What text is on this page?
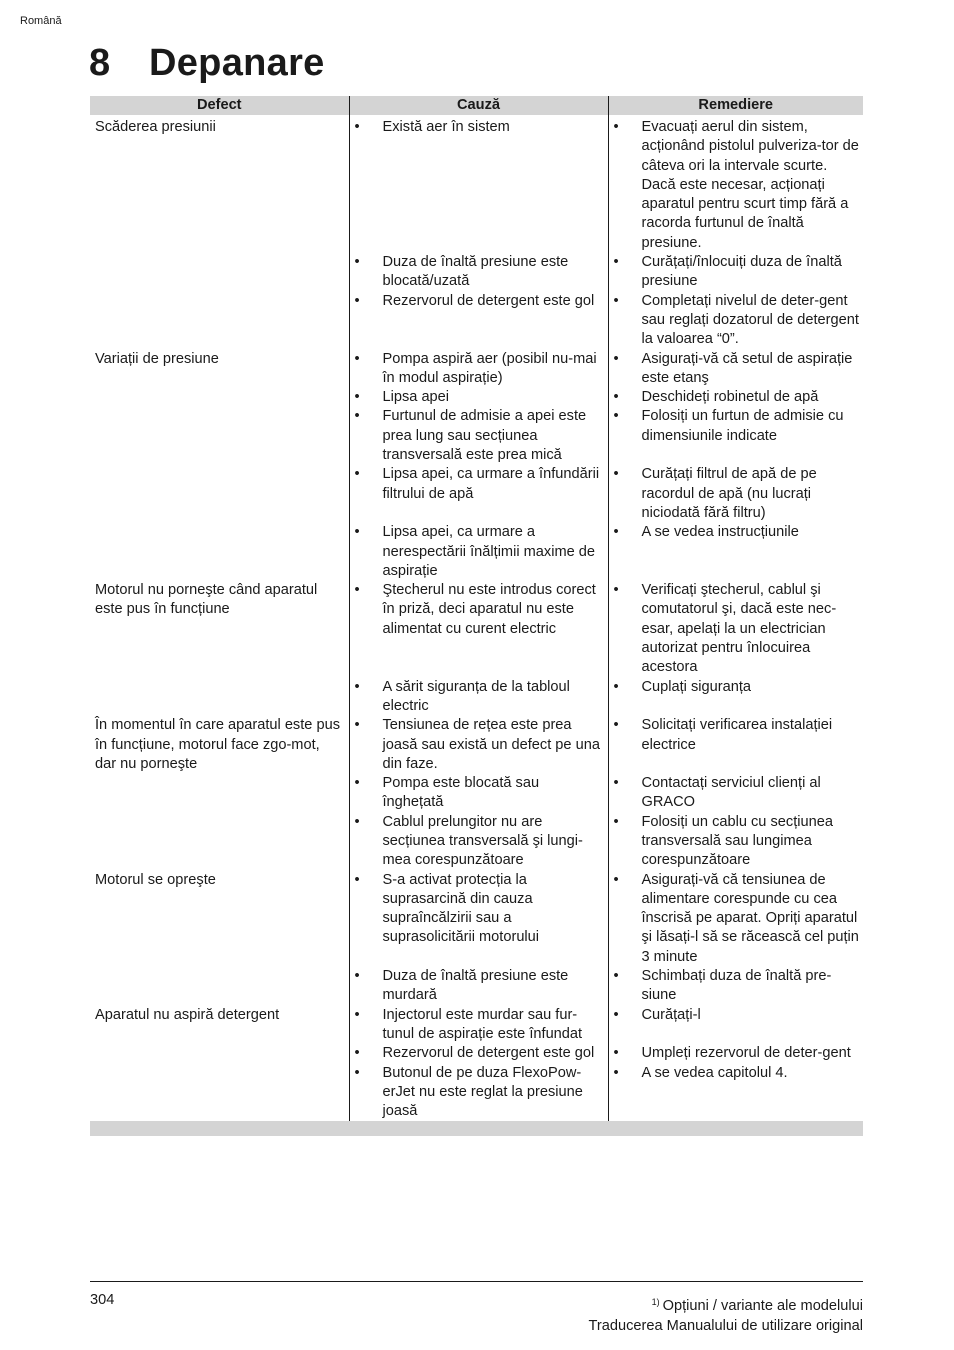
Română
8 Depanare
Defect	Cauză	Remediere
Scăderea presiunii	• Există aer în sistem	• Evacuați aerul din sistem, acționând pistolul pulveriza-tor de câteva ori la intervale scurte. Dacă este necesar, acționați aparatul pentru scurt timp fără a racorda furtunul de înaltă presiune.

	• Duza de înaltă presiune este blocată/uzată	• Curățați/înlocuiți duza de înaltă presiune

	• Rezervorul de detergent este gol	• Completați nivelul de deter-gent sau reglați dozatorul de detergent la valoarea “0”.

Variații de presiune	• Pompa aspiră aer (posibil nu-mai în modul aspirație)	• Asigurați-vă că setul de aspirație este etanş

	• Lipsa apei	• Deschideți robinetul de apă

	• Furtunul de admisie a apei este prea lung sau secțiunea transversală este prea mică	• Folosiți un furtun de admisie cu dimensiunile indicate

	• Lipsa apei, ca urmare a înfundării filtrului de apă	• Curățați filtrul de apă de pe racordul de apă (nu lucrați niciodată fără filtru)

	• Lipsa apei, ca urmare a nerespectării înălțimii maxime de aspirație	• A se vedea instrucțiunile

Motorul nu porneşte când aparatul este pus în funcțiune	• Ştecherul nu este introdus corect în priză, deci aparatul nu este alimentat cu curent electric	• Verificați ştecherul, cablul şi comutatorul şi, dacă este nec-esar, apelați la un electrician autorizat pentru înlocuirea acestora

	• A sărit siguranța de la tabloul electric	• Cuplați siguranța

În momentul în care aparatul este pus în funcțiune, motorul face zgo-mot, dar nu porneşte	• Tensiunea de rețea este prea joasă sau există un defect pe una din faze.	• Solicitați verificarea instalației electrice

	• Pompa este blocată sau înghețată	• Contactați serviciul clienți al GRACO

	• Cablul prelungitor nu are secțiunea transversală şi lungi-mea corespunzătoare	• Folosiți un cablu cu secțiunea transversală sau lungimea corespunzătoare

Motorul se opreşte	• S-a activat protecția la suprasarcină din cauza supraîncălzirii sau a suprasolicitării motorului	• Asigurați-vă că tensiunea de alimentare corespunde cu cea înscrisă pe aparat. Opriți aparatul şi lăsați-l să se răcească cel puțin 3 minute

	• Duza de înaltă presiune este murdară	• Schimbați duza de înaltă pre-siune

Aparatul nu aspiră detergent	• Injectorul este murdar sau fur-tunul de aspirație este înfundat	• Curățați-l

	• Rezervorul de detergent este gol	• Umpleți rezervorul de deter-gent

	• Butonul de pe duza FlexoPow-erJet nu este reglat la presiune joasă	• A se vedea capitolul 4.
304	$^{1)}$ Opțiuni / variante ale modelului
Traducerea Manualului de utilizare original
